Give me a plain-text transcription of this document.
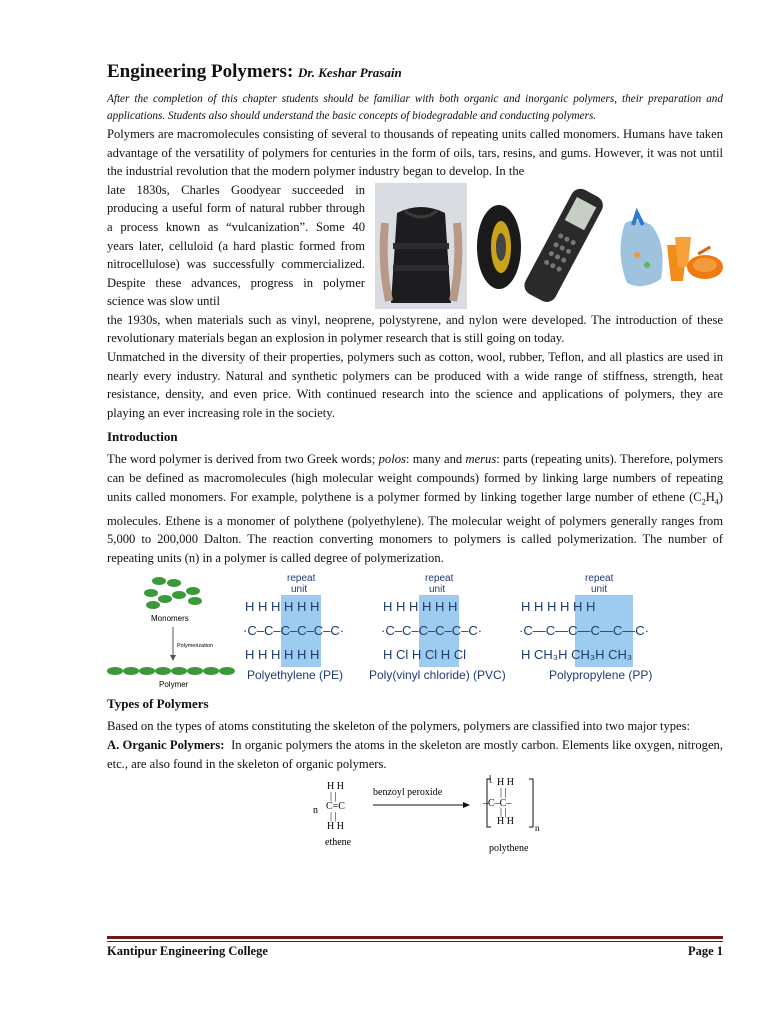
Engineering Polymers: Dr. Keshar Prasain
After the completion of this chapter students should be familiar with both organic and inorganic polymers, their preparation and applications. Students also should understand the basic concepts of biodegradable and conducting polymers.

Polymers are macromolecules consisting of several to thousands of repeating units called monomers. Humans have taken advantage of the versatility of polymers for centuries in the form of oils, tars, resins, and gums. However, it was not until the industrial revolution that the modern polymer industry began to develop. In the

late 1830s, Charles Goodyear succeeded in producing a useful form of natural rubber through a process known as “vulcanization”. Some 40 years later, celluloid (a hard plastic formed from nitrocellulose) was successfully commercialized. Despite these advances, progress in polymer science was slow until

the 1930s, when materials such as vinyl, neoprene, polystyrene, and nylon were developed. The introduction of these revolutionary materials began an explosion in polymer research that is still going on today.

Unmatched in the diversity of their properties, polymers such as cotton, wool, rubber, Teflon, and all plastics are used in nearly every industry. Natural and synthetic polymers can be produced with a wide range of stiffness, strength, heat resistance, density, and even price. With continued research into the science and applications of polymers, they are playing an ever increasing role in the society.

Introduction

The word polymer is derived from two Greek words; polos: many and merus: parts (repeating units). Therefore, polymers can be defined as macromolecules (high molecular weight compounds) formed by linking large numbers of repeating units called monomers. For example, polythene is a polymer formed by linking together large number of ethene $(C_2H_4)$ molecules. Ethene is a monomer of polythene (polyethylene). The molecular weight of polymers generally ranges from 5,000 to 200,000 Dalton. The reaction converting monomers to polymers is called polymerization. The number of repeating units (n) in a polymer is called degree of polymerization.

Monomers
Polymerization
Polymer
repeat
unit
H H H H H H
·C–C–C–C–C–C·
H H H H H H
Polyethylene (PE)
repeat
unit
H H H H H H
·C–C–C–C–C–C·
H Cl H Cl H Cl
Poly(vinyl chloride) (PVC)
repeat
unit
H H H H H H
·C—C—C—C—C—C·
H CH₃H CH₃H CH₃
Polypropylene (PP)
Types of Polymers

Based on the types of atoms constituting the skeleton of the polymers, polymers are classified into two major types:

A. Organic Polymers: In organic polymers the atoms in the skeleton are mostly carbon. Elements like oxygen, nitrogen, etc., are also found in the skeleton of organic polymers.

H H
| |
n C=C
| |
H H
ethene
benzoyl peroxide
[ H H
| |
–C–C–
| |
H H
n
polythene
Kantipur Engineering College	Page 1
